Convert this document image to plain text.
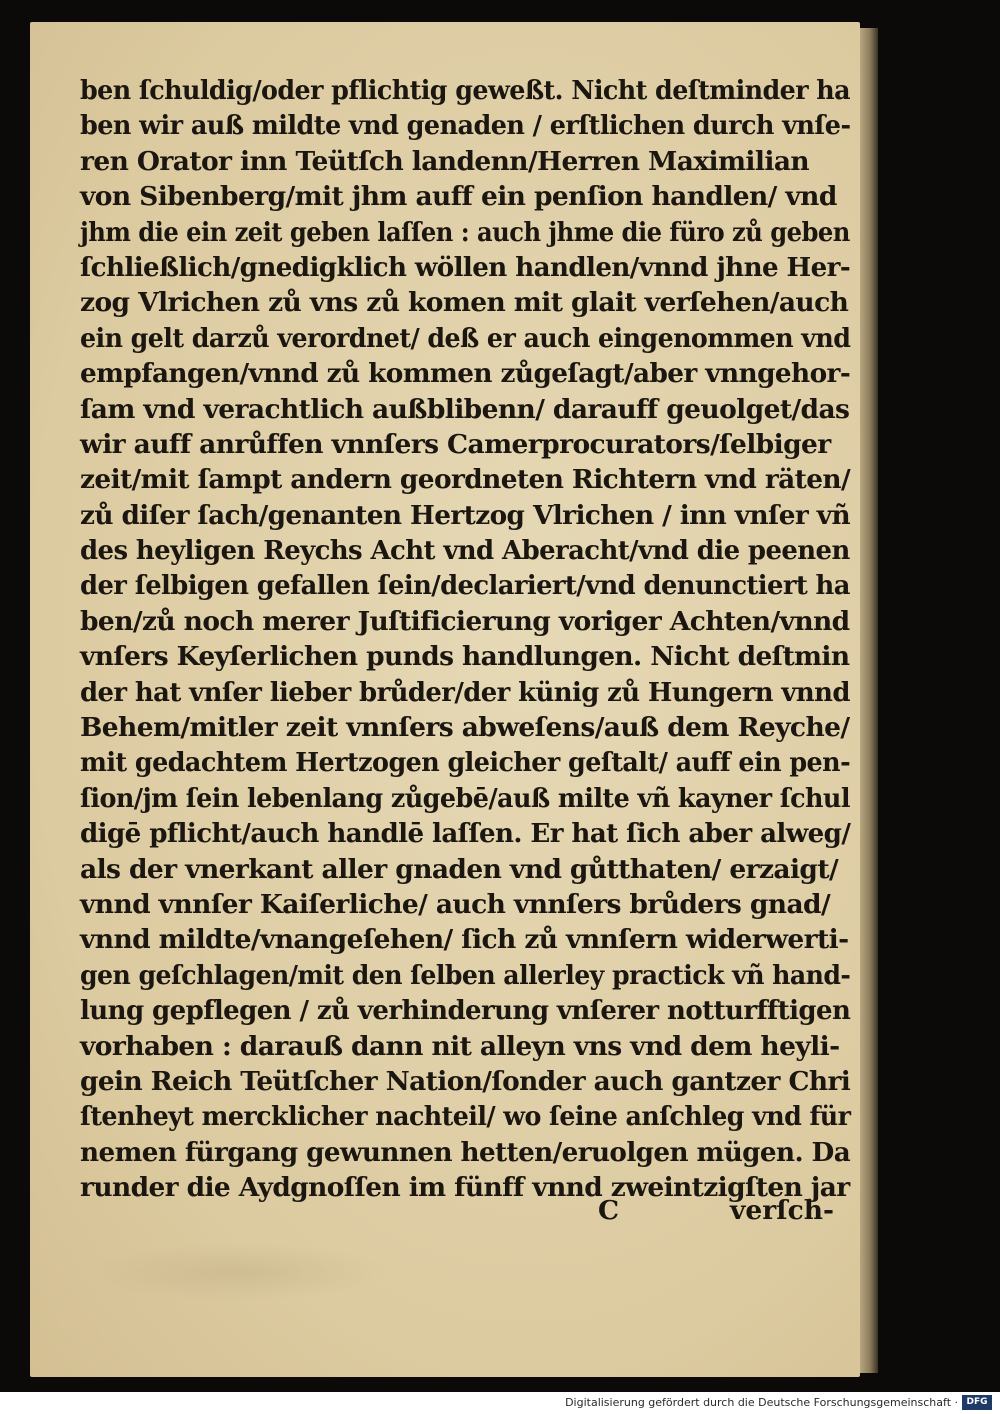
ben ſchuldig/oder pflichtig geweßt. Nicht deſtminder ha
ben wir auß mildte vnd genaden / erſtlichen durch vnſe-
ren Orator inn Teütſch landenn/Herren Maximilian
von Sibenberg/mit jhm auff ein penſion handlen/ vnd
jhm die ein zeit geben laſſen : auch jhme die füro zů geben
ſchließlich/gnedigklich wöllen handlen/vnnd jhne Her-
zog Vlrichen zů vns zů komen mit glait verſehen/auch
ein gelt darzů verordnet/ deß er auch eingenommen vnd
empfangen/vnnd zů kommen zůgeſagt/aber vnngehor-
ſam vnd verachtlich außblibenn/ darauff geuolget/das
wir auff anrůffen vnnſers Camerprocurators/ſelbiger
zeit/mit ſampt andern geordneten Richtern vnd räten/
zů diſer ſach/genanten Hertzog Vlrichen / inn vnſer vñ
des heyligen Reychs Acht vnd Aberacht/vnd die peenen
der ſelbigen gefallen ſein/declariert/vnd denunctiert ha
ben/zů noch merer Juſtificierung voriger Achten/vnnd
vnſers Keyſerlichen punds handlungen. Nicht deſtmin
der hat vnſer lieber brůder/der künig zů Hungern vnnd
Behem/mitler zeit vnnſers abweſens/auß dem Reyche/
mit gedachtem Hertzogen gleicher geſtalt/ auff ein pen-
ſion/jm ſein lebenlang zůgebē/auß milte vñ kayner ſchul
digē pflicht/auch handlē laſſen. Er hat ſich aber alweg/
als der vnerkant aller gnaden vnd gůtthaten/ erzaigt/
vnnd vnnſer Kaiſerliche/ auch vnnſers brůders gnad/
vnnd mildte/vnangeſehen/ ſich zů vnnſern widerwerti-
gen geſchlagen/mit den ſelben allerley practick vñ hand-
lung gepflegen / zů verhinderung vnſerer notturfftigen
vorhaben : darauß dann nit alleyn vns vnd dem heyli-
gein Reich Teütſcher Nation/ſonder auch gantzer Chri
ſtenheyt mercklicher nachteil/ wo ſeine anſchleg vnd für
nemen fürgang gewunnen hetten/eruolgen mügen. Da
runder die Aydgnoſſen im fünff vnnd zweintzigſten jar
C	verſch-
Digitalisierung gefördert durch die Deutsche Forschungsgemeinschaft · DFG
